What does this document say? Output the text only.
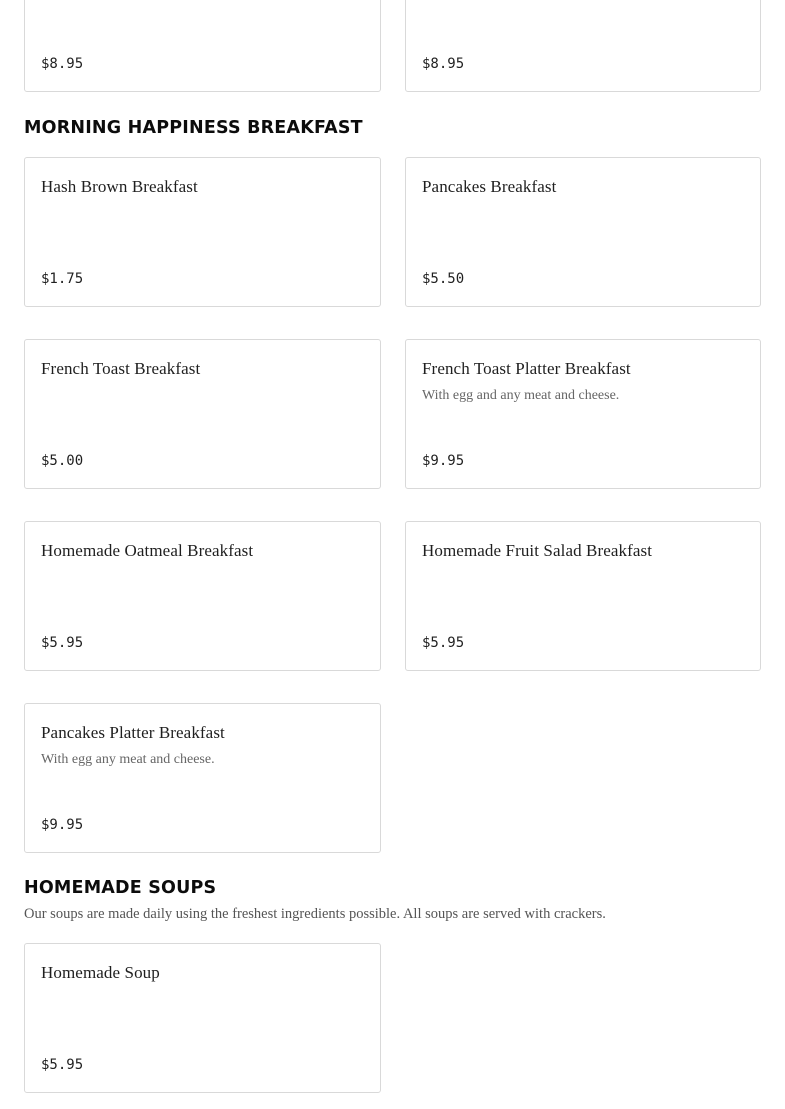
$8.95	$8.95
MORNING HAPPINESS BREAKFAST
Hash Brown Breakfast
$1.75
Pancakes Breakfast
$5.50
French Toast Breakfast
$5.00
French Toast Platter Breakfast
With egg and any meat and cheese.
$9.95
Homemade Oatmeal Breakfast
$5.95
Homemade Fruit Salad Breakfast
$5.95
Pancakes Platter Breakfast
With egg any meat and cheese.
$9.95
HOMEMADE SOUPS
Our soups are made daily using the freshest ingredients possible. All soups are served with crackers.
Homemade Soup
$5.95
